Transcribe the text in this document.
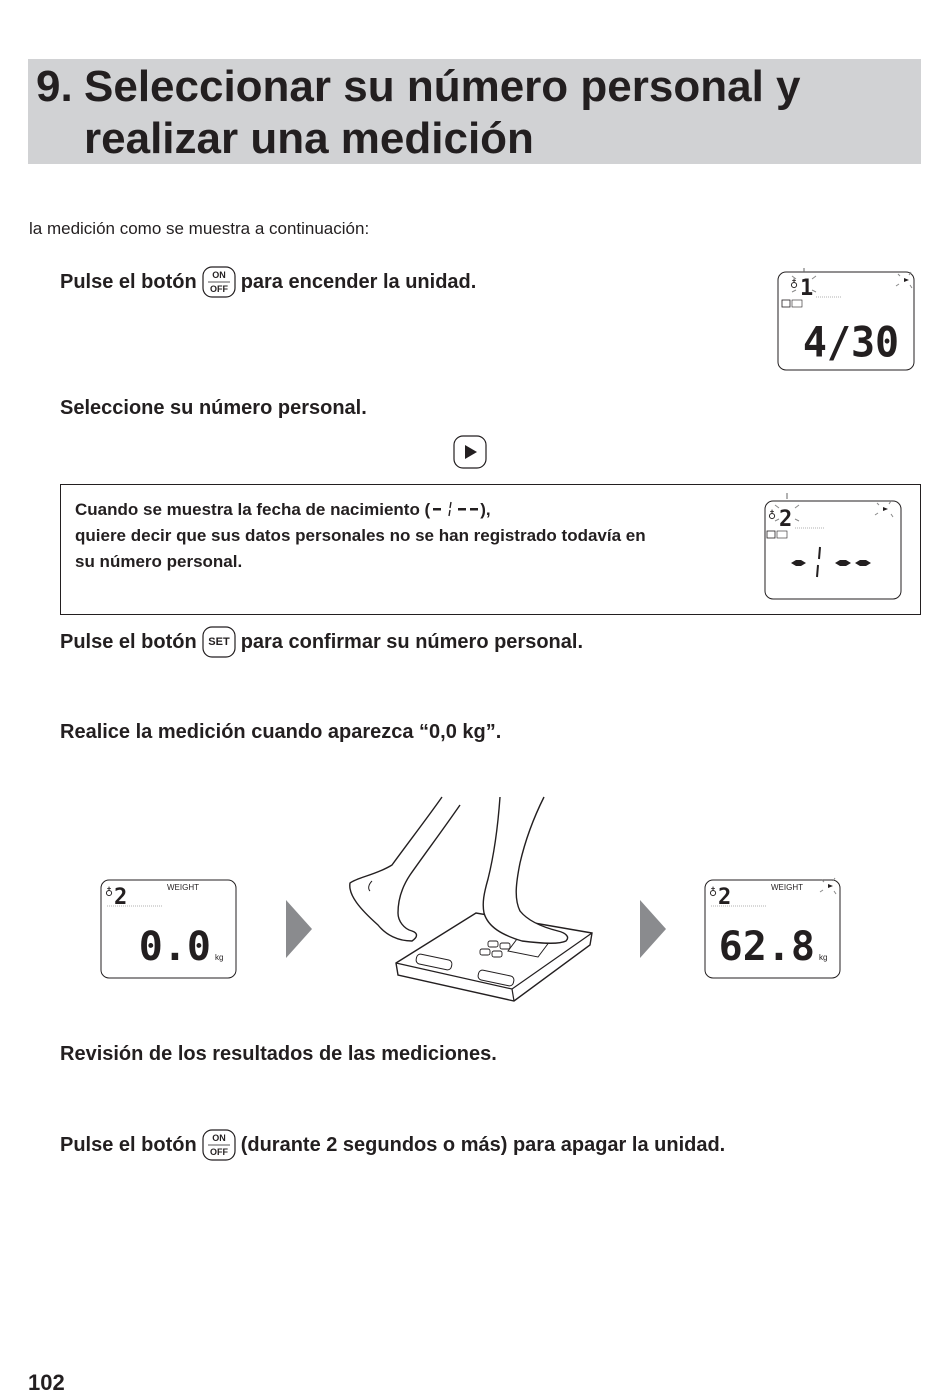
9. Seleccionar su número personal y
realizar una medición
la medición como se muestra a continuación:
Pulse el botón ON
OFF para encender la unidad.	♁ 1
4/30
Seleccione su número personal.
Cuando se muestra la fecha de nacimiento (	),
quiere decir que sus datos personales no se han registrado todavía en
su número personal.
♁ 2
Pulse el botón SET para confirmar su número personal.
Realice la medición cuando aparezca “0,0 kg”.
♁ 2	WEIGHT
0.0 kg
♁ 2	WEIGHT
62.8 kg
Revisión de los resultados de las mediciones.
Pulse el botón ON
OFF (durante 2 segundos o más) para apagar la unidad.
102
